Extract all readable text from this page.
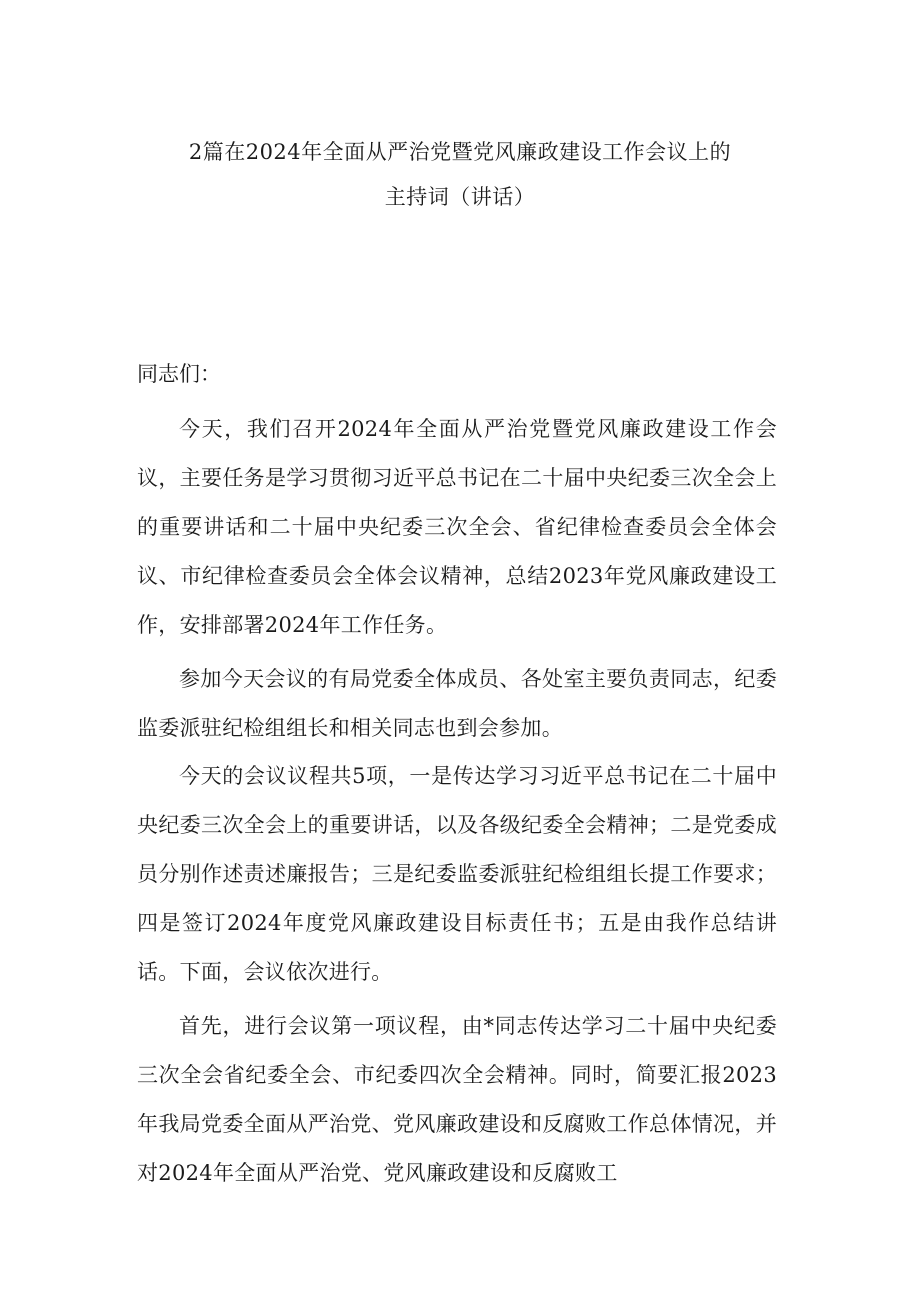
2篇在2024年全面从严治党暨党风廉政建设工作会议上的
主持词（讲话）
同志们：

今天，我们召开2024年全面从严治党暨党风廉政建设工作会议，主要任务是学习贯彻习近平总书记在二十届中央纪委三次全会上的重要讲话和二十届中央纪委三次全会、省纪律检查委员会全体会议、市纪律检查委员会全体会议精神，总结2023年党风廉政建设工作，安排部署2024年工作任务。

参加今天会议的有局党委全体成员、各处室主要负责同志，纪委监委派驻纪检组组长和相关同志也到会参加。

今天的会议议程共5项，一是传达学习习近平总书记在二十届中央纪委三次全会上的重要讲话，以及各级纪委全会精神；二是党委成员分别作述责述廉报告；三是纪委监委派驻纪检组组长提工作要求；四是签订2024年度党风廉政建设目标责任书；五是由我作总结讲话。下面，会议依次进行。

首先，进行会议第一项议程，由*同志传达学习二十届中央纪委三次全会省纪委全会、市纪委四次全会精神。同时，简要汇报2023年我局党委全面从严治党、党风廉政建设和反腐败工作总体情况，并对2024年全面从严治党、党风廉政建设和反腐败工
